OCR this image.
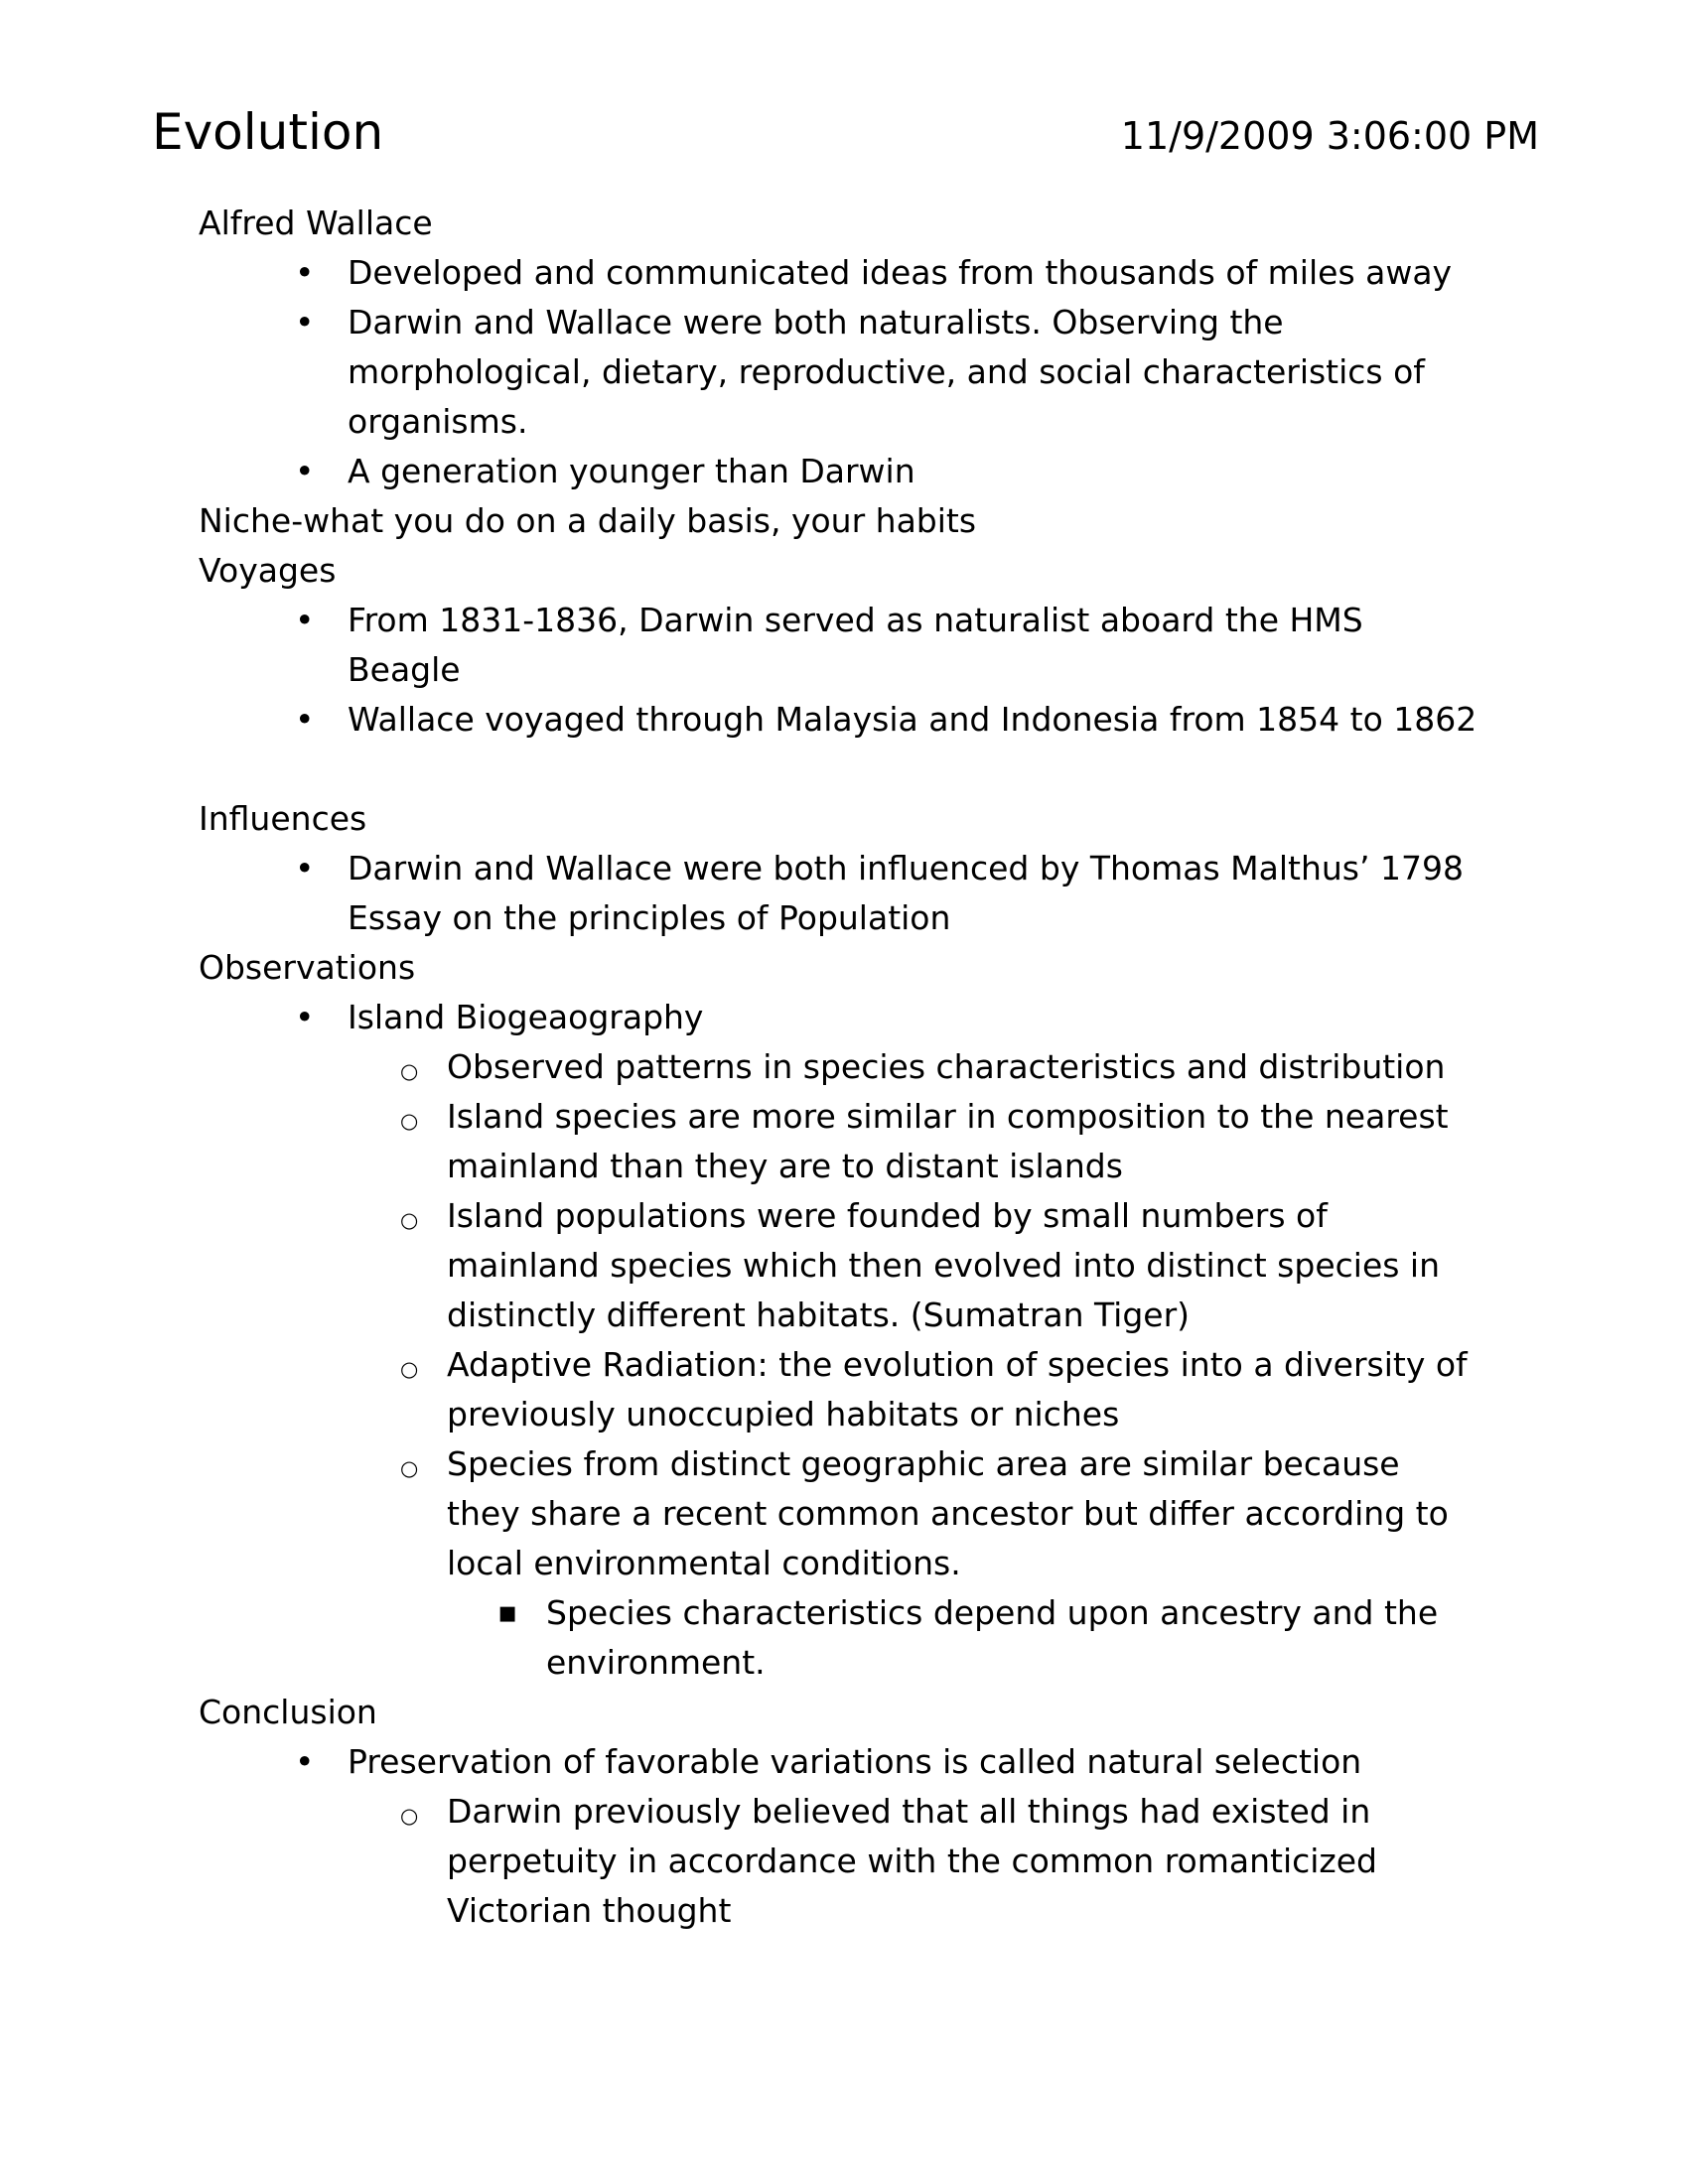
Evolution	11/9/2009 3:06:00 PM
Alfred Wallace
• Developed and communicated ideas from thousands of miles away
• Darwin and Wallace were both naturalists. Observing the morphological, dietary, reproductive, and social characteristics of organisms.
• A generation younger than Darwin
Niche-what you do on a daily basis, your habits
Voyages
• From 1831-1836, Darwin served as naturalist aboard the HMS Beagle
• Wallace voyaged through Malaysia and Indonesia from 1854 to 1862
Influences
• Darwin and Wallace were both influenced by Thomas Malthus’ 1798 Essay on the principles of Population
Observations
• Island Biogeaography
○ Observed patterns in species characteristics and distribution
○ Island species are more similar in composition to the nearest mainland than they are to distant islands
○ Island populations were founded by small numbers of mainland species which then evolved into distinct species in distinctly different habitats. (Sumatran Tiger)
○ Adaptive Radiation: the evolution of species into a diversity of previously unoccupied habitats or niches
○ Species from distinct geographic area are similar because they share a recent common ancestor but differ according to local environmental conditions.
▪ Species characteristics depend upon ancestry and the environment.
Conclusion
• Preservation of favorable variations is called natural selection
○ Darwin previously believed that all things had existed in perpetuity in accordance with the common romanticized Victorian thought
